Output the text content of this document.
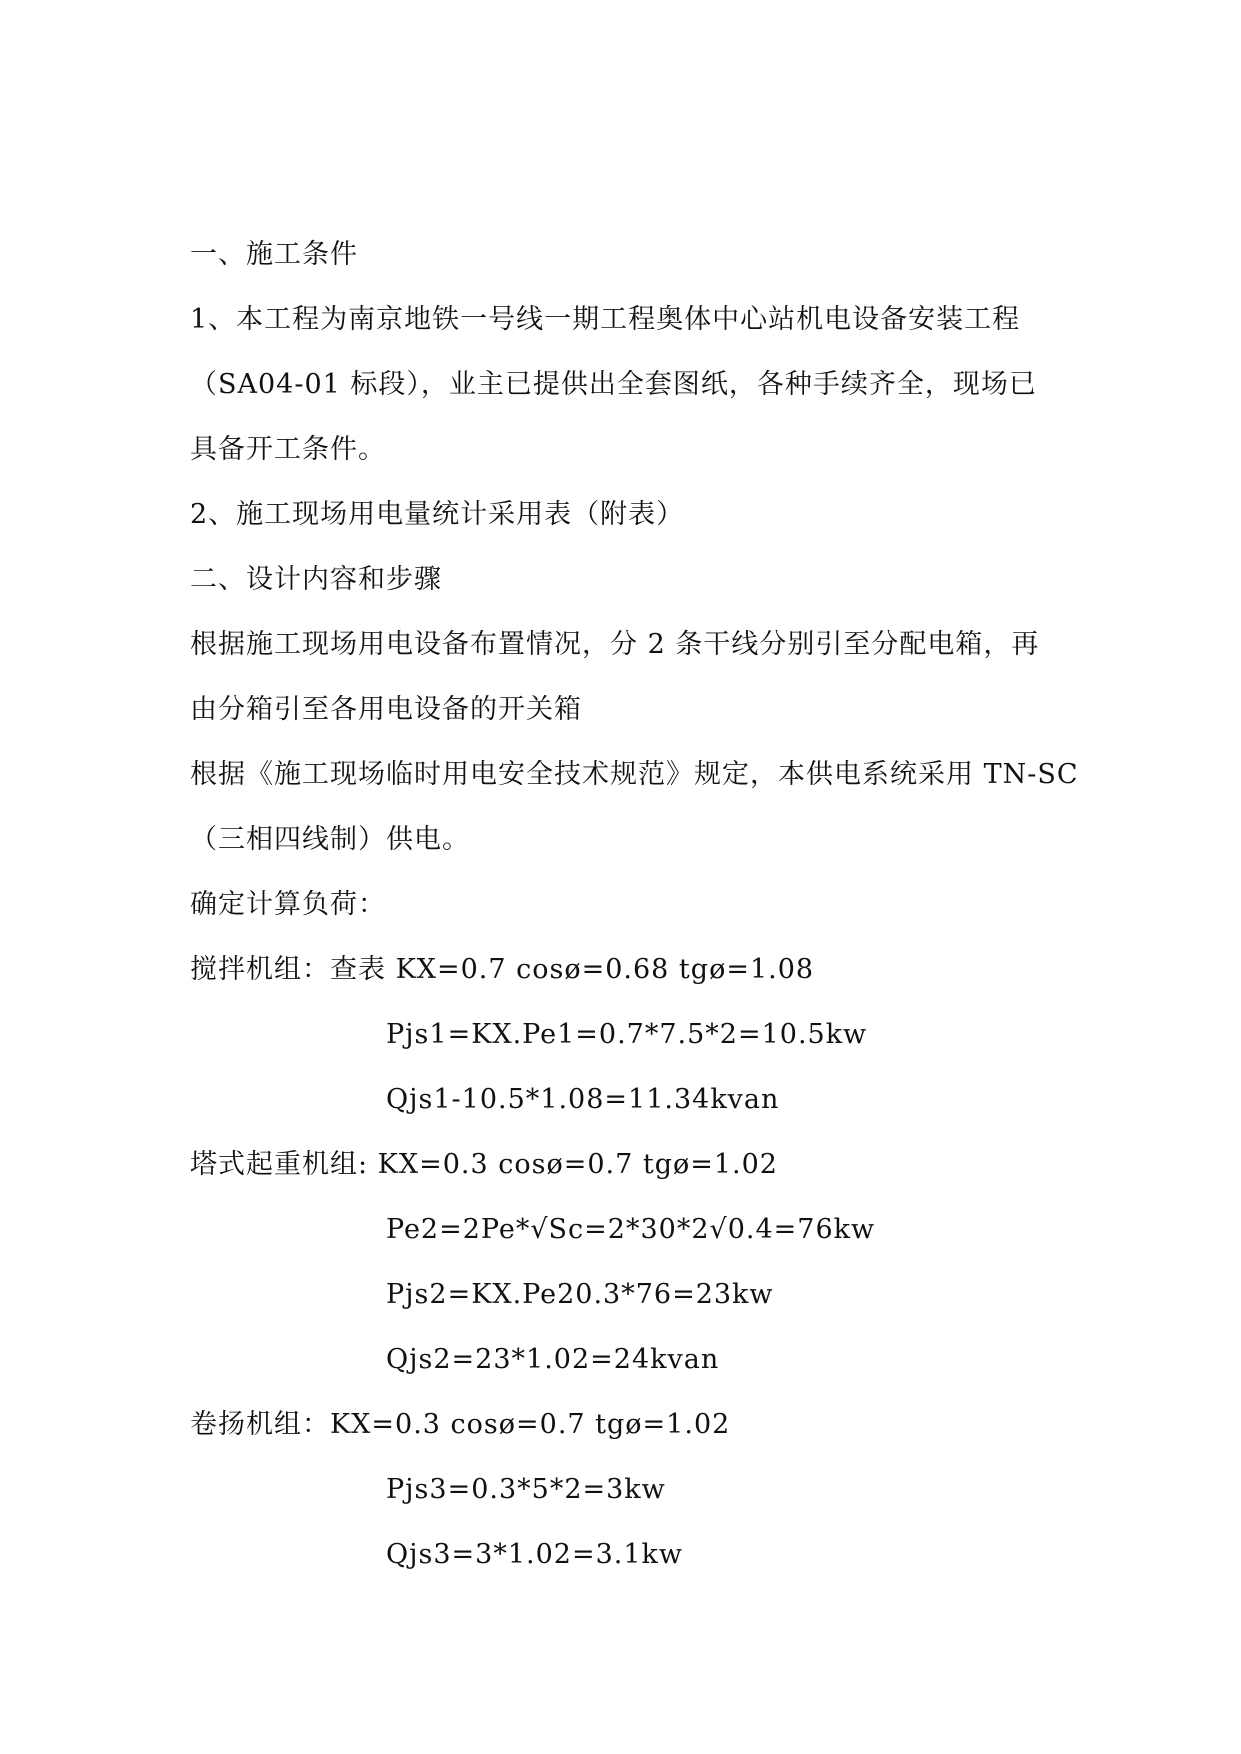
一、施工条件
1、本工程为南京地铁一号线一期工程奥体中心站机电设备安装工程
（SA04-01 标段），业主已提供出全套图纸，各种手续齐全，现场已
具备开工条件。
2、施工现场用电量统计采用表（附表）
二、设计内容和步骤
根据施工现场用电设备布置情况，分 2 条干线分别引至分配电箱，再
由分箱引至各用电设备的开关箱
根据《施工现场临时用电安全技术规范》规定，本供电系统采用 TN-SC
（三相四线制）供电。
确定计算负荷：
搅拌机组：查表 KX=0.7 cosø=0.68 tgø=1.08
Pjs1=KX.Pe1=0.7*7.5*2=10.5kw
Qjs1-10.5*1.08=11.34kvan
塔式起重机组: KX=0.3 cosø=0.7 tgø=1.02
Pe2=2Pe*√Sc=2*30*2√0.4=76kw
Pjs2=KX.Pe20.3*76=23kw
Qjs2=23*1.02=24kvan
卷扬机组：KX=0.3 cosø=0.7 tgø=1.02
Pjs3=0.3*5*2=3kw
Qjs3=3*1.02=3.1kw
